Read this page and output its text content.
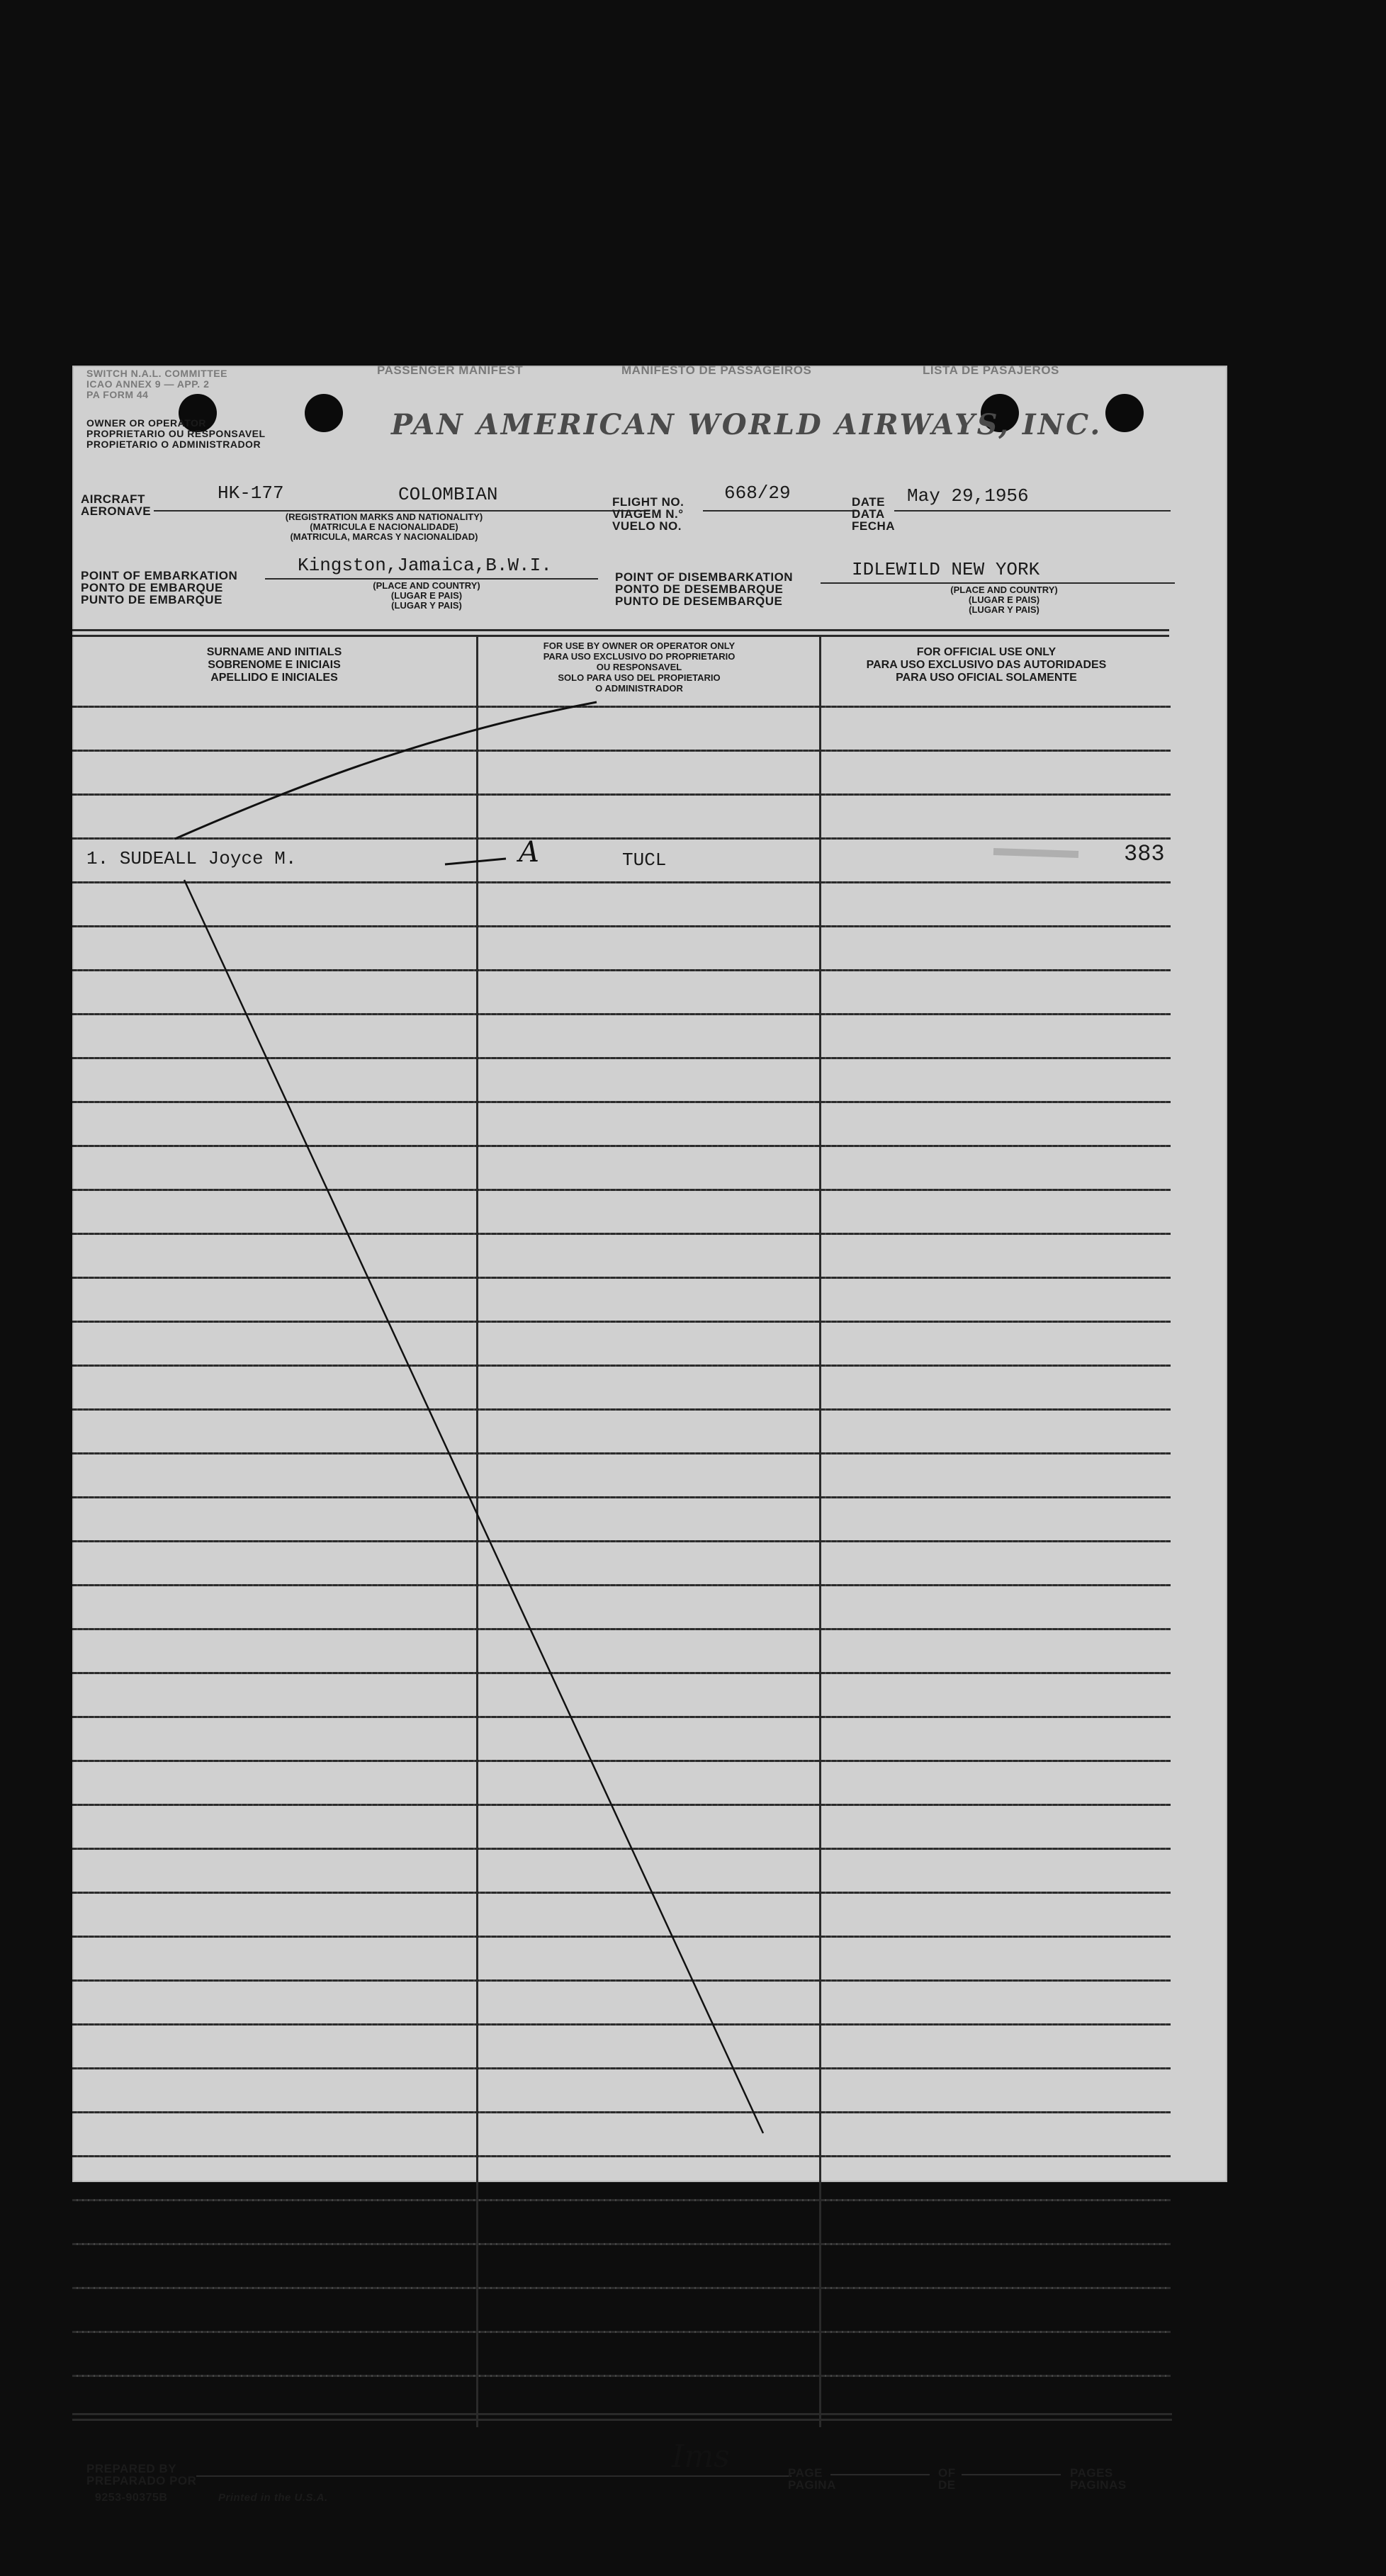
SWITCH N.A.L. COMMITTEE
ICAO ANNEX 9 — APP. 2
PA FORM 44
PASSENGER MANIFEST	MANIFESTO DE PASSAGEIROS	LISTA DE PASAJEROS
OWNER OR OPERATOR
PROPRIETARIO OU RESPONSAVEL
PROPIETARIO O ADMINISTRADOR
PAN AMERICAN WORLD AIRWAYS, INC.
AIRCRAFT
AERONAVE
HK-177	COLOMBIAN
(REGISTRATION MARKS AND NATIONALITY)
(MATRICULA E NACIONALIDADE)
(MATRICULA, MARCAS Y NACIONALIDAD)
FLIGHT NO.
VIAGEM N.°
VUELO NO.
668/29	DATE
DATA
FECHA
May 29,1956
POINT OF EMBARKATION
PONTO DE EMBARQUE
PUNTO DE EMBARQUE
Kingston,Jamaica,B.W.I.
(PLACE AND COUNTRY)
(LUGAR E PAIS)
(LUGAR Y PAIS)
POINT OF DISEMBARKATION
PONTO DE DESEMBARQUE
PUNTO DE DESEMBARQUE
IDLEWILD NEW YORK
(PLACE AND COUNTRY)
(LUGAR E PAIS)
(LUGAR Y PAIS)
SURNAME AND INITIALS
SOBRENOME E INICIAIS
APELLIDO E INICIALES
FOR USE BY OWNER OR OPERATOR ONLY
PARA USO EXCLUSIVO DO PROPRIETARIO
OU RESPONSAVEL
SOLO PARA USO DEL PROPIETARIO
O ADMINISTRADOR
FOR OFFICIAL USE ONLY
PARA USO EXCLUSIVO DAS AUTORIDADES
PARA USO OFICIAL SOLAMENTE
1. SUDEALL Joyce M.	A	TUCL	383
PREPARED BY
PREPARADO POR
9253-90375B	Printed in the U.S.A.
Ims	PAGE
PAGINA
OF
DE
PAGES
PAGINAS
